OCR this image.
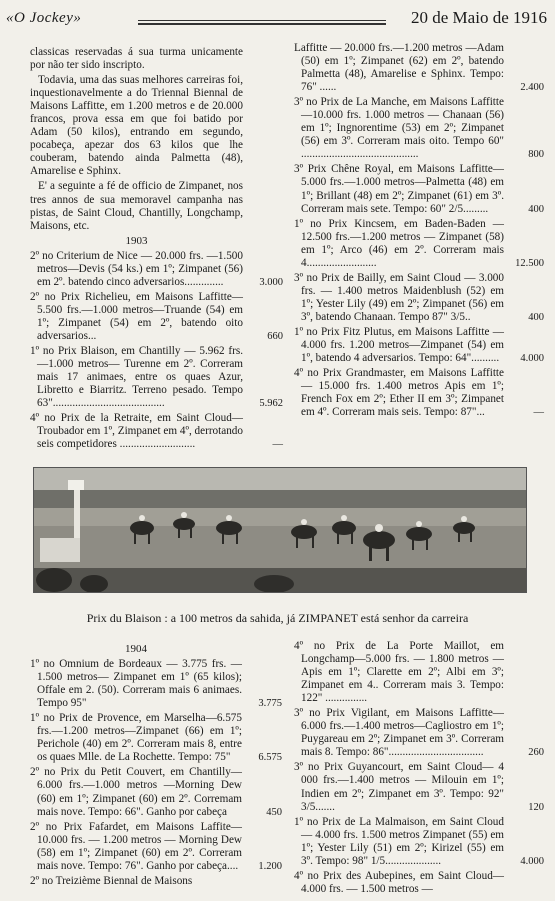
«O Jockey»	20 de Maio de 1916

classicas reservadas á sua turma unicamente por não ter sido inscripto.

Todavia, uma das suas melhores carreiras foi, inquestionavelmente a do Triennal Biennal de Maisons Laffitte, em 1.200 metros e de 20.000 francos, prova essa em que foi batido por Adam (50 kilos), entrando em segundo, pocabeça, apezar dos 63 kilos que lhe couberam, batendo ainda Palmetta (48), Amarelise e Sphinx.

E' a seguinte a fé de officio de Zimpanet, nos tres annos de sua memoravel campanha nas pistas, de Saint Cloud, Chantilly, Longchamp, Maisons, etc.

1903
2º no Criterium de Nice — 20.000 frs. —1.500 metros—Devis (54 ks.) em 1º; Zimpanet (56) em 2º. batendo cinco adversarios..............	3.000
2º no Prix Richelieu, em Maisons Laffitte—5.500 frs.—1.000 metros—Truande (54) em 1º; Zimpanet (54) em 2º, batendo oito adversarios...	660
1º no Prix Blaison, em Chantilly — 5.962 frs.—1.000 metros— Turenne em 2º. Correram mais 17 animaes, entre os quaes Azur, Libretto e Biarritz. Terreno pesado. Tempo 63"........................................	5.962
4º no Prix de la Retraite, em Saint Cloud—Troubador em 1º, Zimpanet em 4º, derrotando seis competidores ...........................	—
Laffitte — 20.000 frs.—1.200 metros —Adam (50) em 1º; Zimpanet (62) em 2º, batendo Palmetta (48), Amarelise e Sphinx. Tempo: 76" ......	2.400
3º no Prix de La Manche, em Maisons Laffitte—10.000 frs. 1.000 metros — Chanaan (56) em 1º; Ingnorentime (53) em 2º; Zimpanet (56) em 3º. Correram mais oito. Tempo 60" ..........................................	800
3º Prix Chêne Royal, em Maisons Laffitte—5.000 frs.—1.000 metros—Palmetta (48) em 1º; Brillant (48) em 2º; Zimpanet (61) em 3º. Correram mais sete. Tempo: 60" 2/5.........	400
1º no Prix Kincsem, em Baden-Baden —12.500 frs.—1.200 metros — Zimpanet (58) em 1º; Arco (46) em 2º. Correram mais 4.........................	12.500
3º no Prix de Bailly, em Saint Cloud — 3.000 frs. — 1.400 metros Maidenblush (52) em 1º; Yester Lily (49) em 2º; Zimpanet (56) em 3º, batendo Chanaan. Tempo 87" 3/5..	400
1º no Prix Fitz Plutus, em Maisons Laffitte — 4.000 frs. 1.200 metros—Zimpanet (54) em 1º, batendo 4 adversarios. Tempo: 64"..........	4.000
4º no Prix Grandmaster, em Maisons Laffitte — 15.000 frs. 1.400 metros Apis em 1º; French Fox em 2º; Ether II em 3º; Zimpanet em 4º. Correram mais seis. Tempo: 87"...	—
Prix du Blaison : a 100 metros da sahida, já ZIMPANET está senhor da carreira
1904
1º no Omnium de Bordeaux — 3.775 frs. —1.500 metros— Zimpanet em 1º (65 kilos); Offale em 2. (50). Correram mais 6 animaes. Tempo 95"	3.775
1º no Prix de Provence, em Marselha—6.575 frs.—1.200 metros—Zimpanet (66) em 1º; Perichole (40) em 2º. Correram mais 8, entre os quaes Mlle. de La Rochette. Tempo: 75"	6.575
2º no Prix du Petit Couvert, em Chantilly—6.000 frs.—1.000 metros —Morning Dew (60) em 1º; Zimpanet (60) em 2º. Corremam mais nove. Tempo: 66". Ganho por cabeça	450
2º no Prix Fafardet, em Maisons Laffite—10.000 frs. — 1.200 metros — Morning Dew (58) em 1º; Zimpanet (60) em 2º. Correram mais nove. Tempo: 76". Ganho por cabeça....	1.200
2º no Treizième Biennal de Maisons
4º no Prix de La Porte Maillot, em Longchamp—5.000 frs. — 1.800 metros —Apis em 1º; Clarette em 2º; Albi em 3º; Zimpanet em 4.. Correram mais 3. Tempo: 122" ...............
3º no Prix Vigilant, em Maisons Laffitte—6.000 frs.—1.400 metros—Cagliostro em 1º; Puygareau em 2º; Zimpanet em 3º. Correram mais 8. Tempo: 86"..................................	260
3º no Prix Guyancourt, em Saint Cloud— 4 000 frs.—1.400 metros — Milouin em 1º; Indien em 2º; Zimpanet em 3º. Tempo: 92" 3/5.......	120
1º no Prix de La Malmaison, em Saint Cloud— 4.000 frs. 1.500 metros Zimpanet (55) em 1º; Yester Lily (51) em 2º; Kirizel (55) em 3º. Tempo: 98" 1/5....................	4.000
4º no Prix des Aubepines, em Saint Cloud—4.000 frs. — 1.500 metros —
